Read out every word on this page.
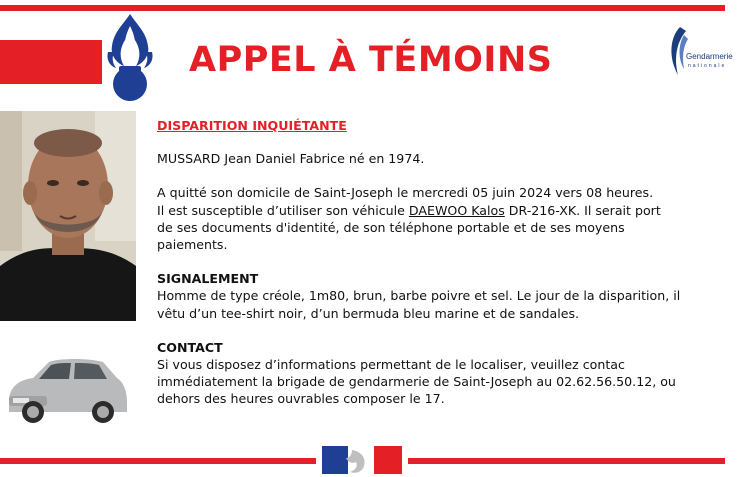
APPEL À TÉMOINS	Gendarmerie
nationale
DISPARITION INQUIÉTANTE

MUSSARD Jean Daniel Fabrice né en 1974.

A quitté son domicile de Saint-Joseph le mercredi 05 juin 2024 vers 08 heures.

Il est susceptible d’utiliser son véhicule DAEWOO Kalos DR-216-XK. Il serait port

de ses documents d'identité, de son téléphone portable et de ses moyens

paiements.

SIGNALEMENT

Homme de type créole, 1m80, brun, barbe poivre et sel. Le jour de la disparition, il

vêtu d’un tee-shirt noir, d’un bermuda bleu marine et de sandales.

CONTACT

Si vous disposez d’informations permettant de le localiser, veuillez contac

immédiatement la brigade de gendarmerie de Saint-Joseph au 02.62.56.50.12, ou

dehors des heures ouvrables composer le 17.
